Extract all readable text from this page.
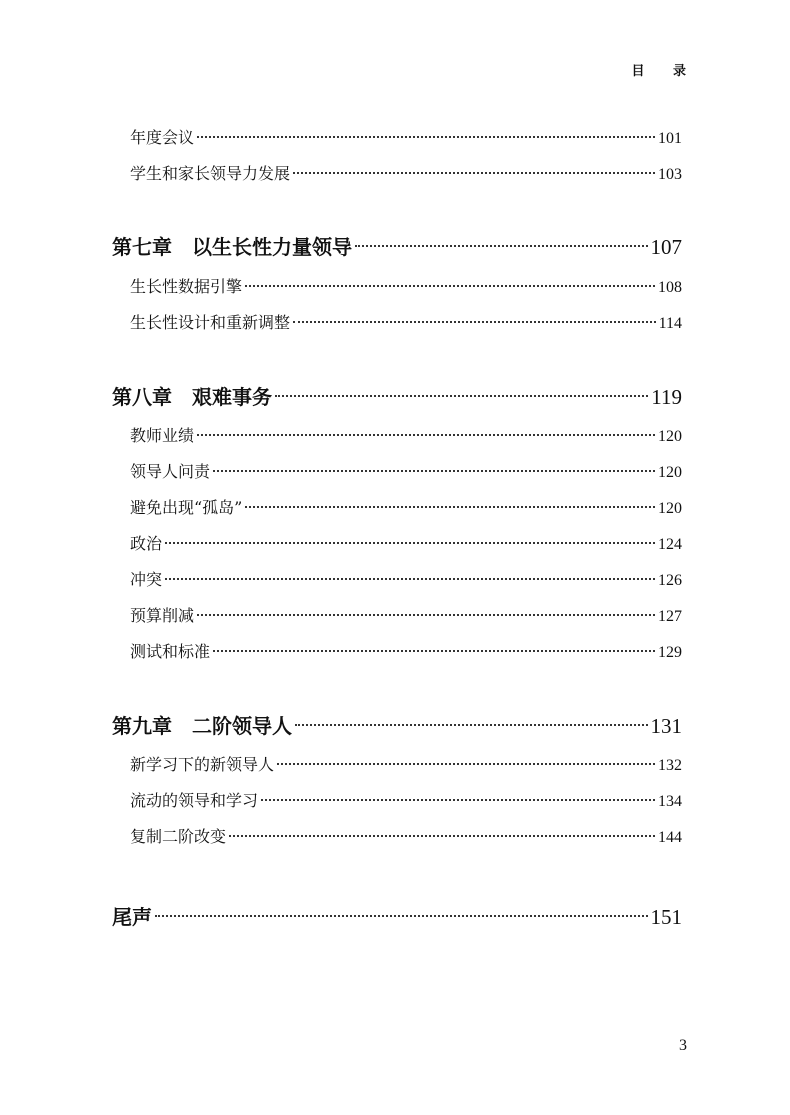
目 录
年度会议	101
学生和家长领导力发展	103
第七章 以生长性力量领导	107
生长性数据引擎	108
生长性设计和重新调整	114
第八章 艰难事务	119
教师业绩	120
领导人问责	120
避免出现“孤岛”	120
政治	124
冲突	126
预算削减	127
测试和标准	129
第九章 二阶领导人	131
新学习下的新领导人	132
流动的领导和学习	134
复制二阶改变	144
尾声	151
3
